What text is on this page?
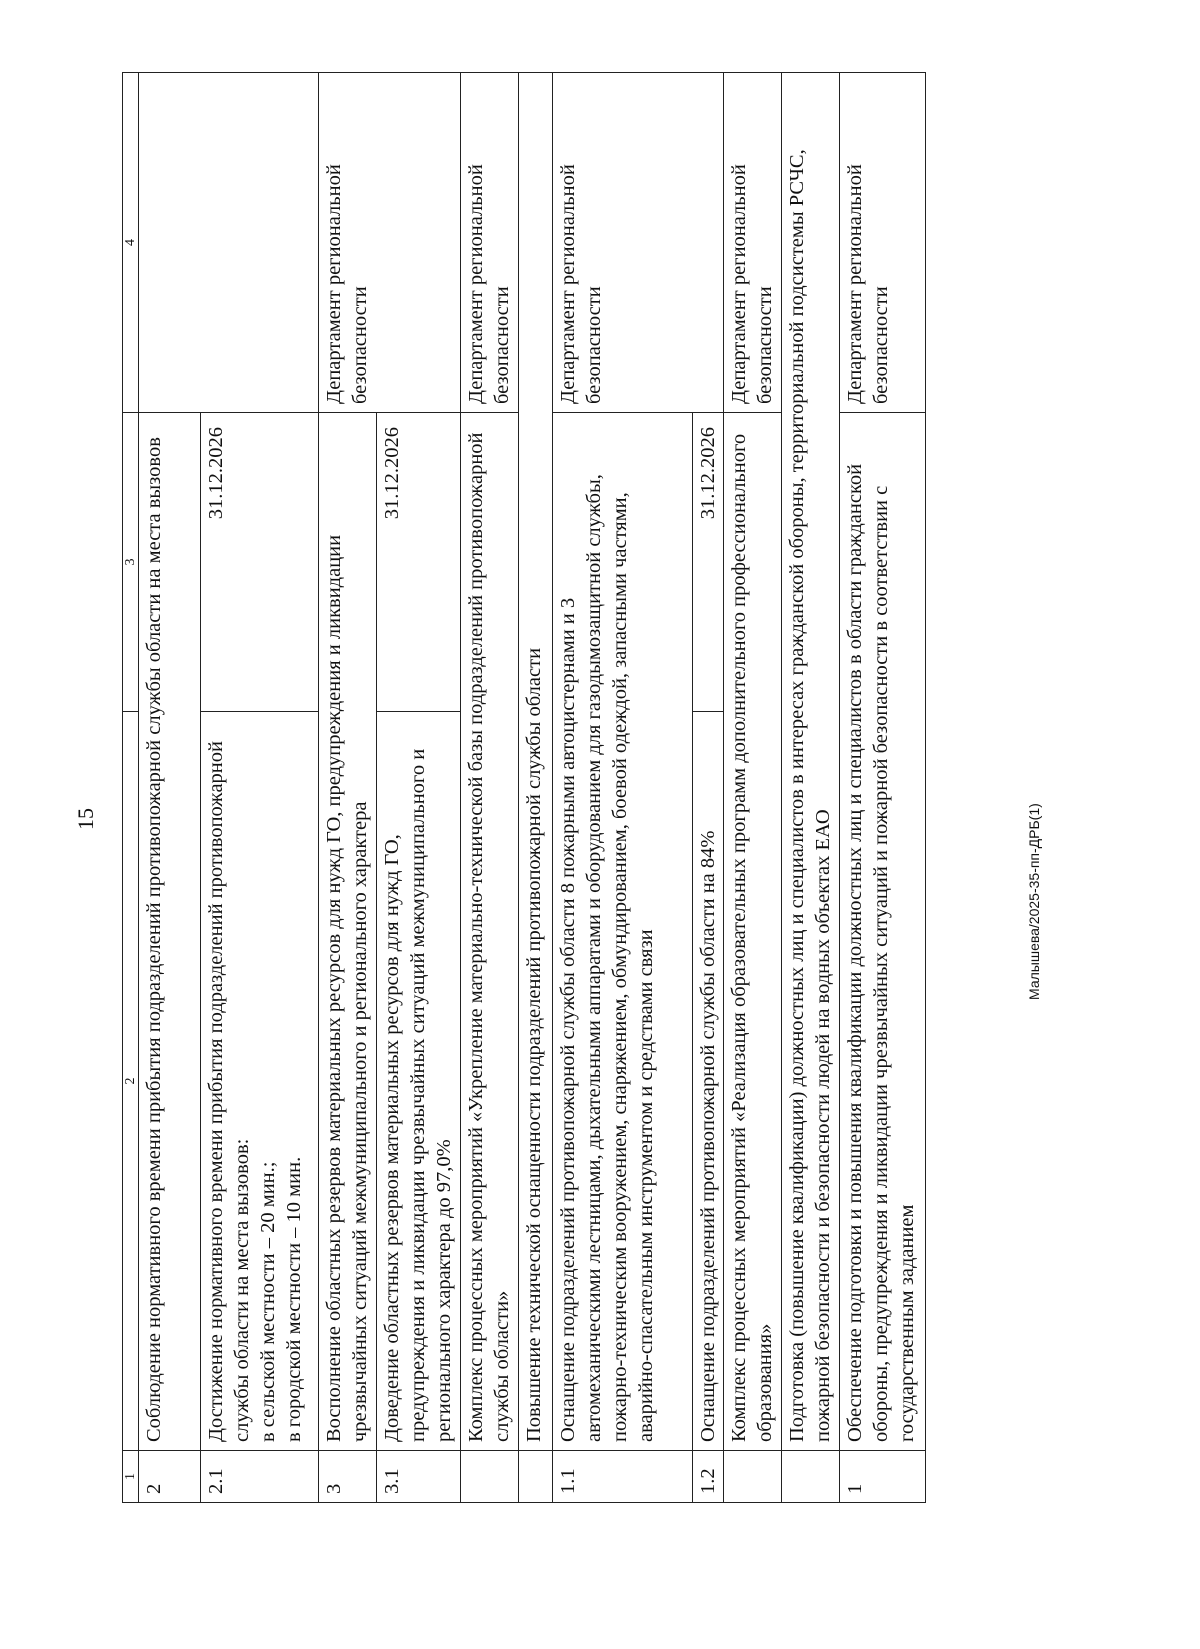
15	Малышева/2025-35-пп-ДРБ(1)
1	2	3	4
2	Соблюдение нормативного времени прибытия подразделений противопожарной службы области на места вызовов		
2.1	Достижение нормативного времени прибытия подразделений противопожарной службы области на места вызовов: в сельской местности – 20 мин.; в городской местности – 10 мин.	31.12.2026	
3	Восполнение областных резервов материальных ресурсов для нужд ГО, предупреждения и ликвидации чрезвычайных ситуаций межмуниципального и регионального характера		Департамент региональной безопасности
3.1	Доведение областных резервов материальных ресурсов для нужд ГО, предупреждения и ликвидации чрезвычайных ситуаций межмуниципального и регионального характера до 97,0%	31.12.2026	
	Комплекс процессных мероприятий «Укрепление материально-технической базы подразделений противопожарной службы области»		Департамент региональной безопасности
	Повышение технической оснащенности подразделений противопожарной службы области		
1.1	Оснащение подразделений противопожарной службы области 8 пожарными автоцистернами и 3 автомеханическими лестницами, дыхательными аппаратами и оборудованием для газодымозащитной службы, пожарно-техническим вооружением, снаряжением, обмундированием, боевой одеждой, запасными частями, аварийно-спасательным инструментом и средствами связи		Департамент региональной безопасности
1.2	Оснащение подразделений противопожарной службы области на 84%	31.12.2026	
	Комплекс процессных мероприятий «Реализация образовательных программ дополнительного профессионального образования»		Департамент региональной безопасности
	Подготовка (повышение квалификации) должностных лиц и специалистов в интересах гражданской обороны, территориальной подсистемы РСЧС, пожарной безопасности и безопасности людей на водных объектах ЕАО		
1	Обеспечение подготовки и повышения квалификации должностных лиц и специалистов в области гражданской обороны, предупреждения и ликвидации чрезвычайных ситуаций и пожарной безопасности в соответствии с государственным заданием		Департамент региональной безопасности
